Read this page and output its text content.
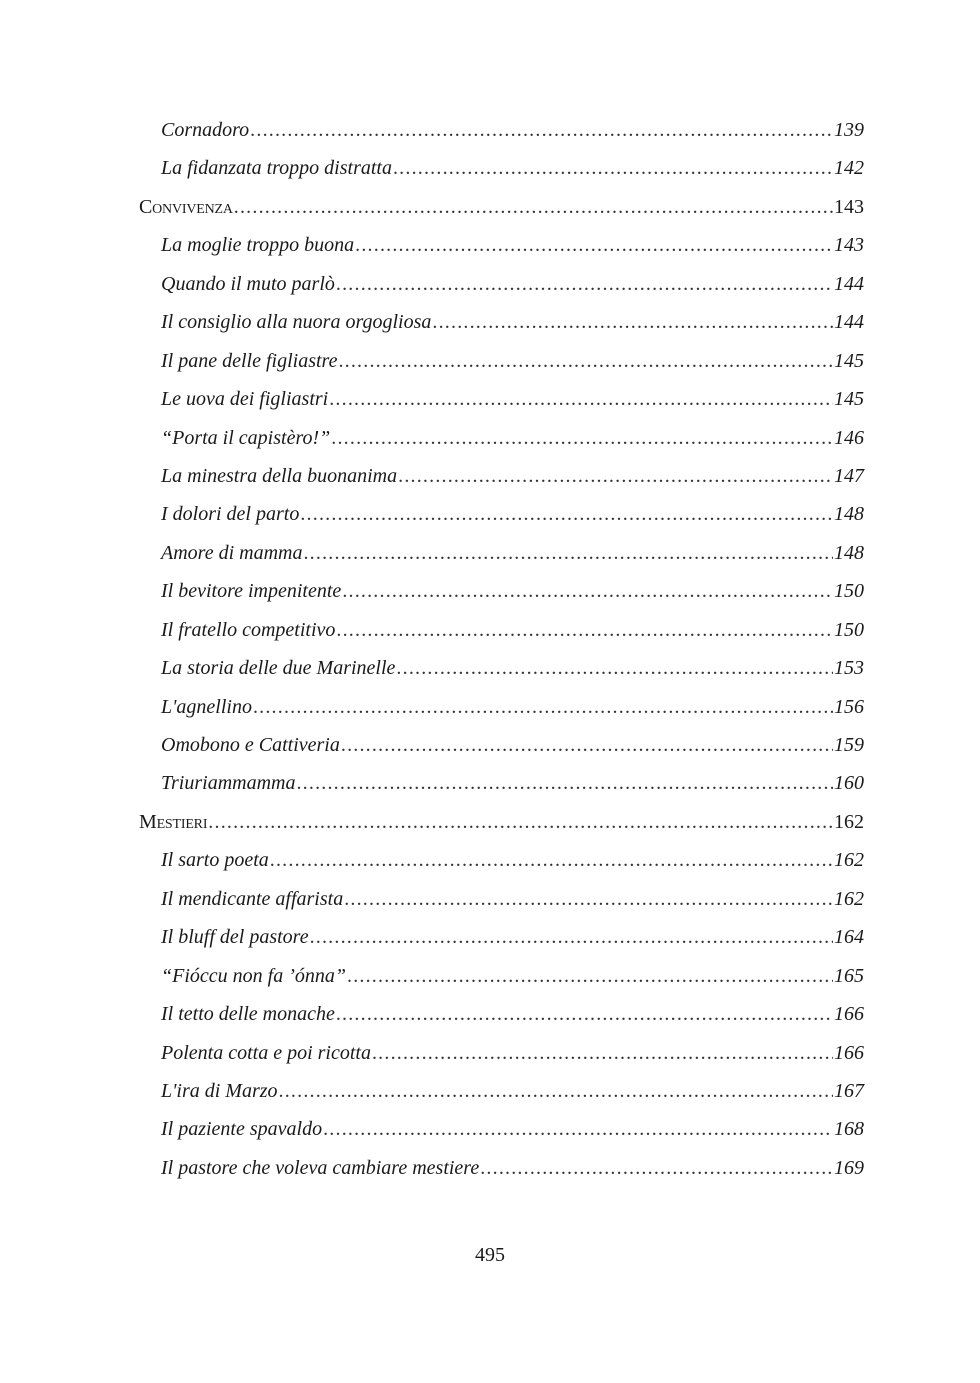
Cornadoro .....	139
La fidanzata troppo distratta .....	142
Convivenza .....	143
La moglie troppo buona .....	143
Quando il muto parlò .....	144
Il consiglio alla nuora orgogliosa .....	144
Il pane delle figliastre .....	145
Le uova dei figliastri .....	145
“Porta il capistèro!” .....	146
La minestra della buonanima .....	147
I dolori del parto .....	148
Amore di mamma .....	148
Il bevitore impenitente .....	150
Il fratello competitivo .....	150
La storia delle due Marinelle .....	153
L'agnellino .....	156
Omobono e Cattiveria .....	159
Triuriammamma .....	160
Mestieri .....	162
Il sarto poeta .....	162
Il mendicante affarista .....	162
Il bluff del pastore .....	164
“Fióccu non fa ’ónna” .....	165
Il tetto delle monache .....	166
Polenta cotta e poi ricotta .....	166
L'ira di Marzo .....	167
Il paziente spavaldo .....	168
Il pastore che voleva cambiare mestiere .....	169
495
